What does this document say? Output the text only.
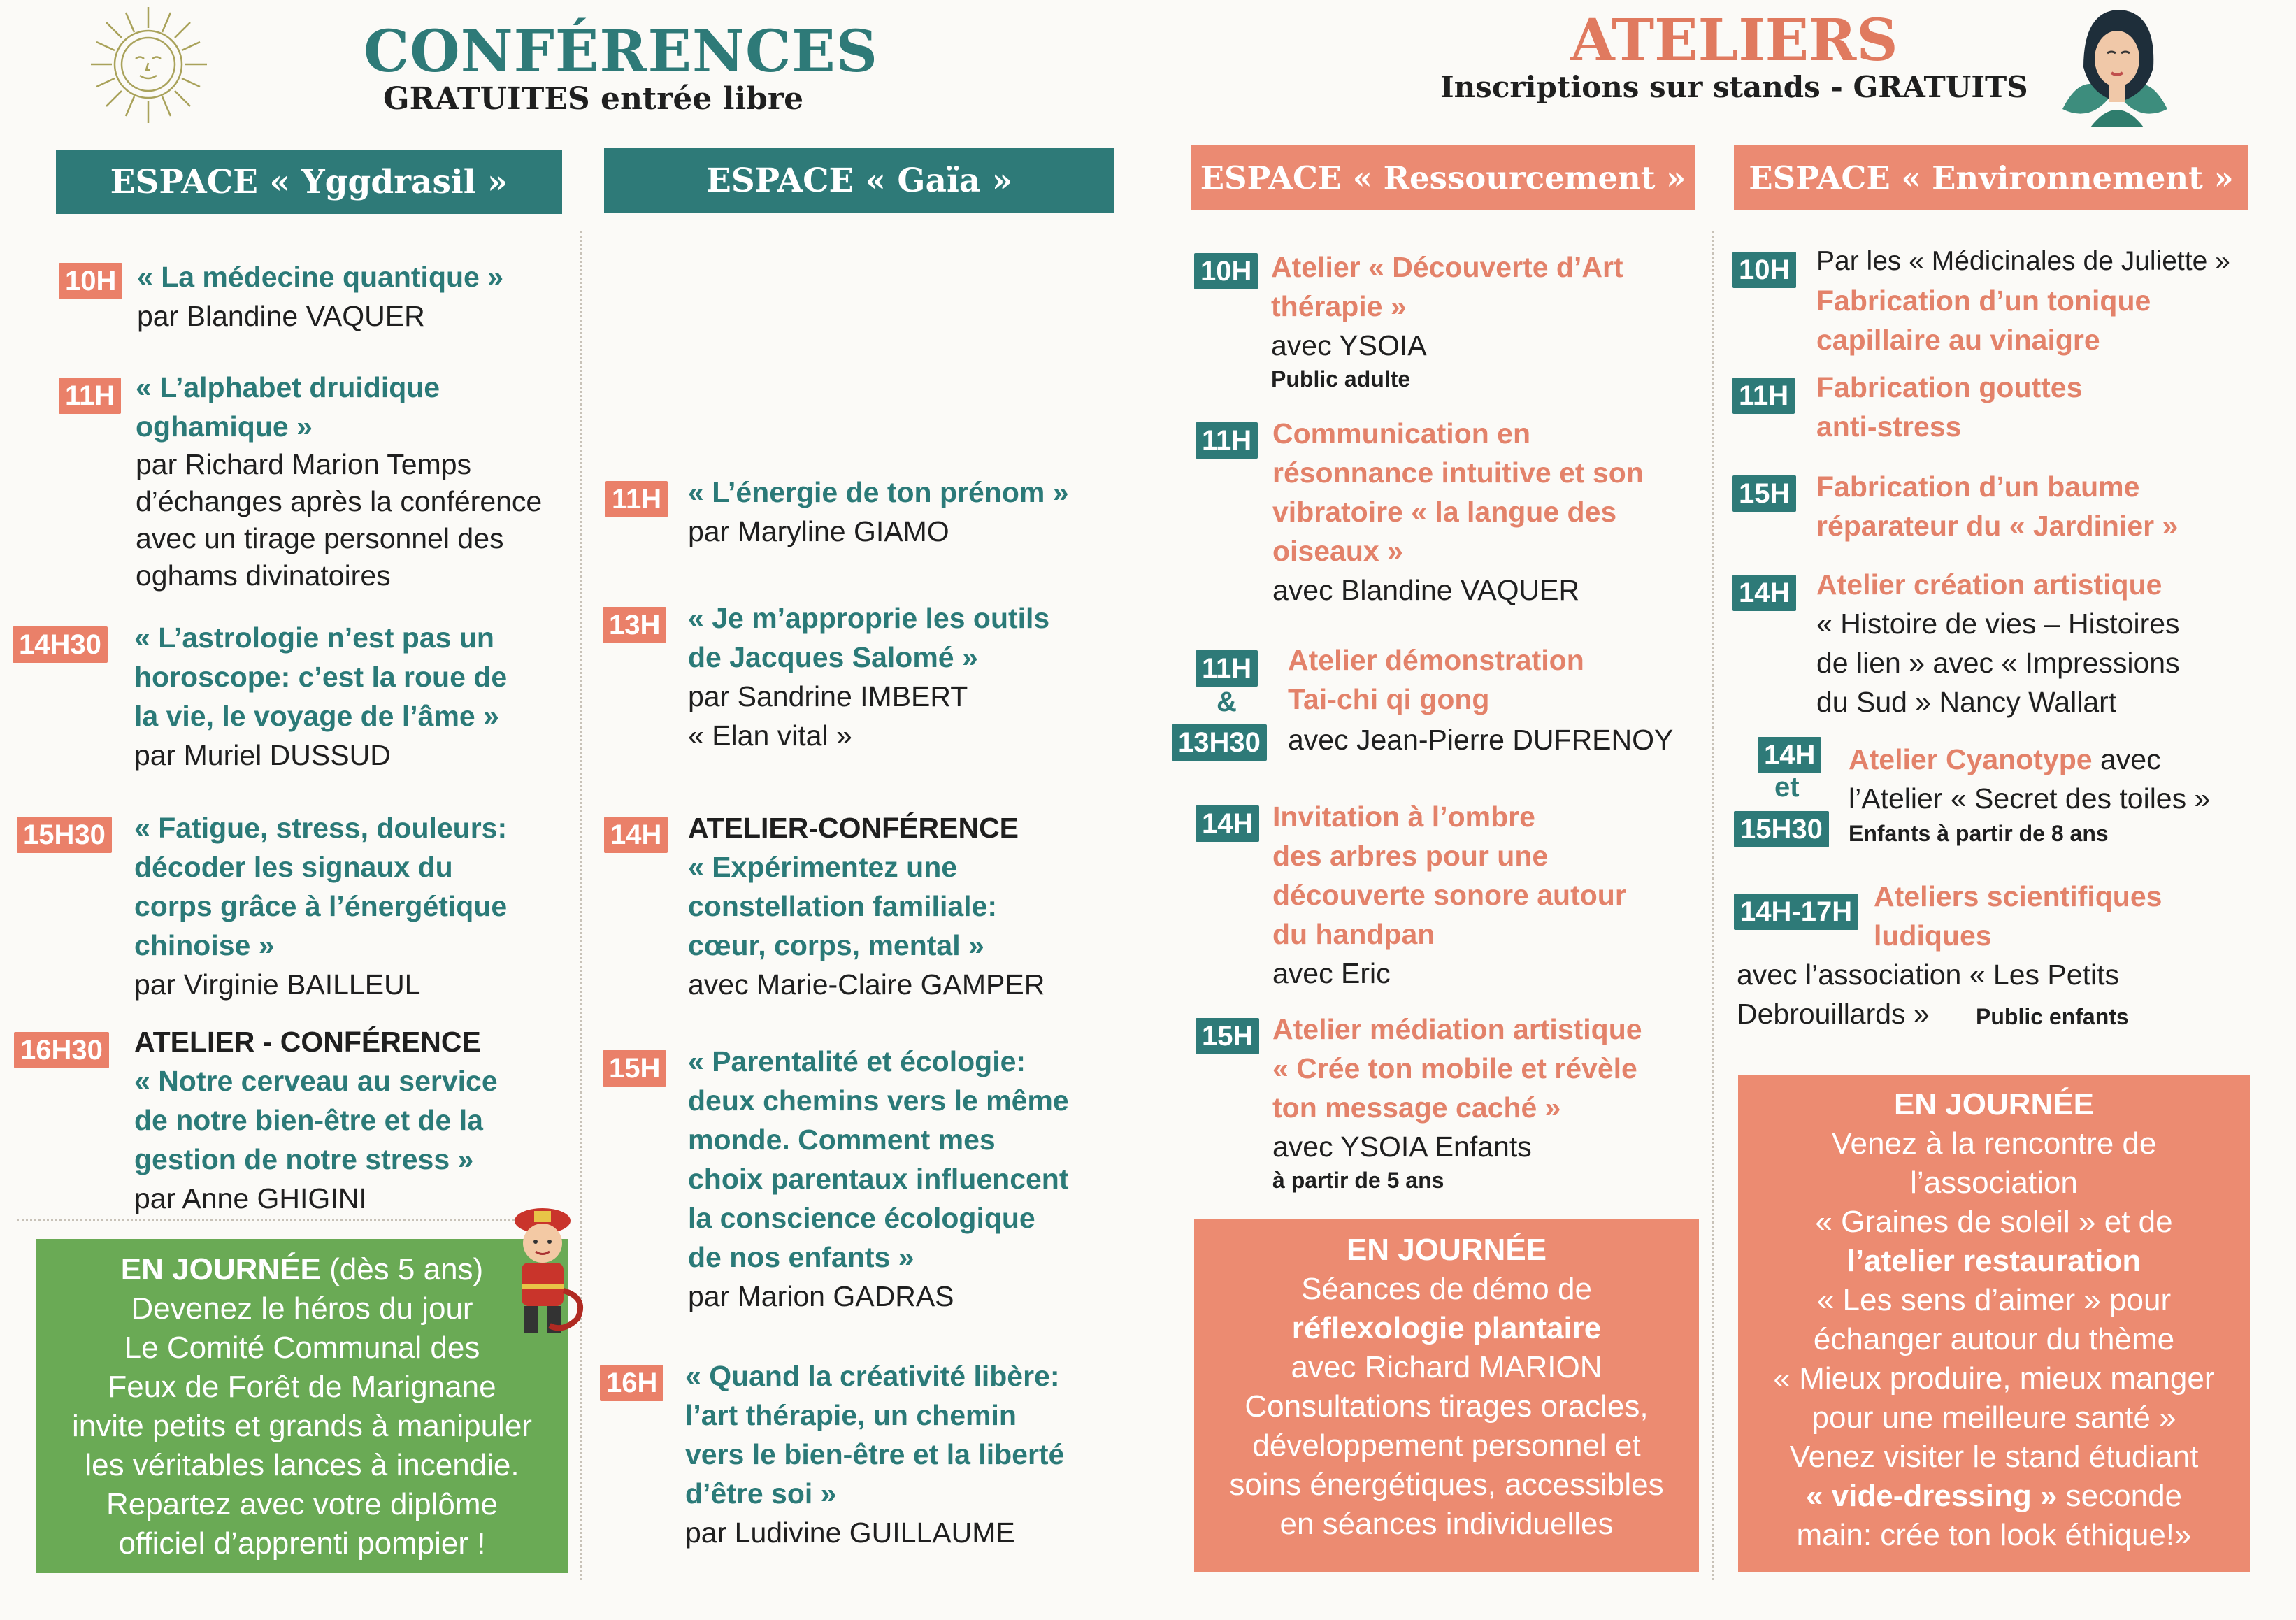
CONFÉRENCES
GRATUITES entrée libre
ESPACE « Yggdrasil »	ESPACE « Gaïa »
10H « La médecine quantique »
par Blandine VAQUER
11H « L’alphabet druidique
oghamique »
par Richard Marion Temps
d’échanges après la conférence
avec un tirage personnel des
oghams divinatoires
14H30 « L’astrologie n’est pas un
horoscope: c’est la roue de
la vie, le voyage de l’âme »
par Muriel DUSSUD
15H30 « Fatigue, stress, douleurs:
décoder les signaux du
corps grâce à l’énergétique
chinoise »
par Virginie BAILLEUL
16H30 ATELIER - CONFÉRENCE
« Notre cerveau au service
de notre bien-être et de la
gestion de notre stress »
par Anne GHIGINI
EN JOURNÉE (dès 5 ans)
Devenez le héros du jour
Le Comité Communal des
Feux de Forêt de Marignane
invite petits et grands à manipuler
les véritables lances à incendie.
Repartez avec votre diplôme
officiel d’apprenti pompier !
11H « L’énergie de ton prénom »
par Maryline GIAMO
13H « Je m’approprie les outils
de Jacques Salomé »
par Sandrine IMBERT
« Elan vital »
14H ATELIER-CONFÉRENCE
« Expérimentez une
constellation familiale:
cœur, corps, mental »
avec Marie-Claire GAMPER
15H « Parentalité et écologie:
deux chemins vers le même
monde. Comment mes
choix parentaux influencent
la conscience écologique
de nos enfants »
par Marion GADRAS
16H « Quand la créativité libère:
l’art thérapie, un chemin
vers le bien-être et la liberté
d’être soi »
par Ludivine GUILLAUME
ATELIERS
Inscriptions sur stands - GRATUITS
ESPACE « Ressourcement »	ESPACE « Environnement »
10H Atelier « Découverte d’Art
thérapie »
avec YSOIA
Public adulte
11H Communication en
résonnance intuitive et son
vibratoire « la langue des
oiseaux »
avec Blandine VAQUER
11H
&
13H30
Atelier démonstration
Tai-chi qi gong
avec Jean-Pierre DUFRENOY
14H Invitation à l’ombre
des arbres pour une
découverte sonore autour
du handpan
avec Eric
15H Atelier médiation artistique
« Crée ton mobile et révèle
ton message caché »
avec YSOIA Enfants
à partir de 5 ans
EN JOURNÉE
Séances de démo de
réflexologie plantaire
avec Richard MARION
Consultations tirages oracles,
développement personnel et
soins énergétiques, accessibles
en séances individuelles
10H Par les « Médicinales de Juliette »
Fabrication d’un tonique
capillaire au vinaigre
11H Fabrication gouttes
anti-stress
15H Fabrication d’un baume
réparateur du « Jardinier »
14H Atelier création artistique
« Histoire de vies – Histoires
de lien » avec « Impressions
du Sud » Nancy Wallart
14H
et
15H30
Atelier Cyanotype avec
l’Atelier « Secret des toiles »
Enfants à partir de 8 ans
14H-17H Ateliers scientifiques
ludiques
avec l’association « Les Petits
Debrouillards »	Public enfants
EN JOURNÉE
Venez à la rencontre de
l’association
« Graines de soleil » et de
l’atelier restauration
« Les sens d’aimer » pour
échanger autour du thème
« Mieux produire, mieux manger
pour une meilleure santé »
Venez visiter le stand étudiant
« vide-dressing » seconde
main: crée ton look éthique!»
